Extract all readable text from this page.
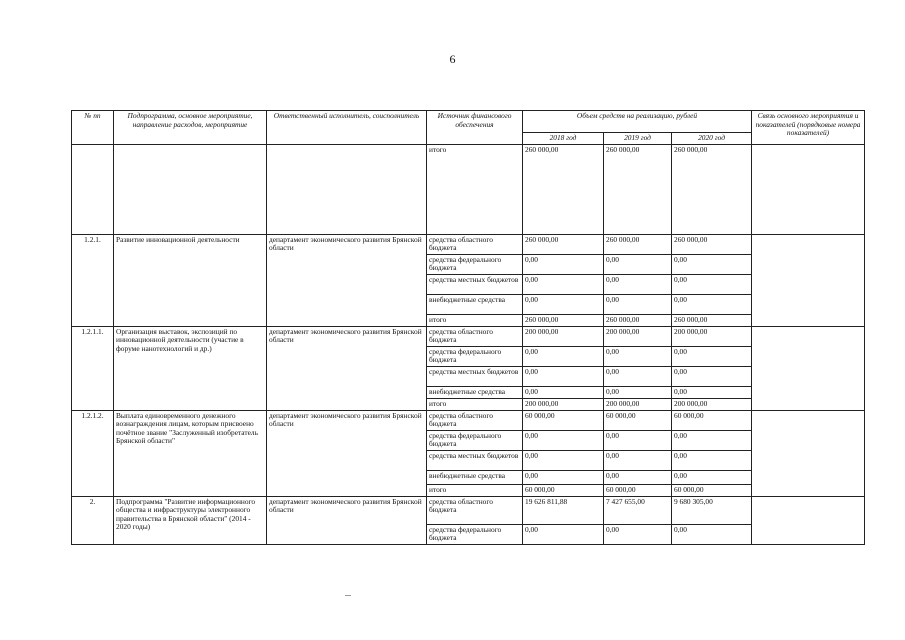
6
№ пп	Подпрограмма, основное мероприятие, направление расходов, мероприятие	Ответственный исполнитель, соисполнитель	Источник финансового обеспечения	Объем средств на реализацию, рублей			Связь основного мероприятия и показателей (порядковые номера показателей)
				2018 год	2019 год	2020 год	
			итого	260 000,00	260 000,00	260 000,00	
1.2.1.	Развитие инновационной деятельности	департамент экономического развития Брянской области	средства областного бюджета	260 000,00	260 000,00	260 000,00	
			средства федерального бюджета	0,00	0,00	0,00	
			средства местных бюджетов	0,00	0,00	0,00	
			внебюджетные средства	0,00	0,00	0,00	
			итого	260 000,00	260 000,00	260 000,00	
1.2.1.1.	Организация выставок, экспозиций по инновационной деятельности (участие в форуме нанотехнологий и др.)	департамент экономического развития Брянской области	средства областного бюджета	200 000,00	200 000,00	200 000,00	
			средства федерального бюджета	0,00	0,00	0,00	
			средства местных бюджетов	0,00	0,00	0,00	
			внебюджетные средства	0,00	0,00	0,00	
			итого	200 000,00	200 000,00	200 000,00	
1.2.1.2.	Выплата единовременного денежного вознаграждения лицам, которым присвоено почётное звание "Заслуженный изобретатель Брянской области"	департамент экономического развития Брянской области	средства областного бюджета	60 000,00	60 000,00	60 000,00	
			средства федерального бюджета	0,00	0,00	0,00	
			средства местных бюджетов	0,00	0,00	0,00	
			внебюджетные средства	0,00	0,00	0,00	
			итого	60 000,00	60 000,00	60 000,00	
2.	Подпрограмма "Развитие информационного общества и инфраструктуры электронного правительства в Брянской области" (2014 - 2020 годы)	департамент экономического развития Брянской области	средства областного бюджета	19 626 811,88	7 427 655,00	9 680 305,00	
			средства федерального бюджета	0,00	0,00	0,00	
